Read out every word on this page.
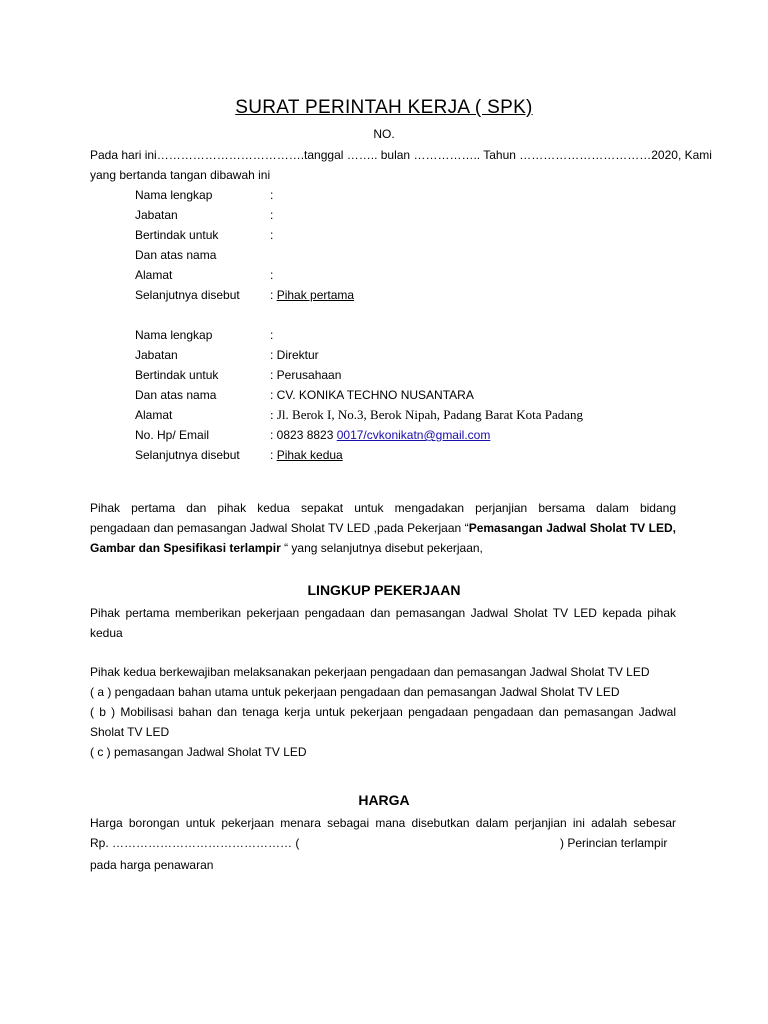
SURAT PERINTAH KERJA ( SPK)
NO.
Pada hari ini……………………………….tanggal …….. bulan …………….. Tahun ……………………………2020, Kami
yang bertanda tangan dibawah ini
Nama lengkap	:
Jabatan	:
Bertindak untuk	:
Dan atas nama
Alamat	:
Selanjutnya disebut	: Pihak pertama
Nama lengkap	:
Jabatan	: Direktur
Bertindak untuk	: Perusahaan
Dan atas nama	: CV. KONIKA TECHNO NUSANTARA
Alamat	: Jl. Berok I, No.3, Berok Nipah, Padang Barat Kota Padang
No. Hp/ Email	: 0823 8823 0017/cvkonikatn@gmail.com
Selanjutnya disebut	: Pihak kedua
Pihak pertama dan pihak kedua sepakat untuk mengadakan perjanjian bersama dalam bidang
pengadaan dan pemasangan Jadwal Sholat TV LED ,pada Pekerjaan “Pemasangan Jadwal Sholat TV LED,
Gambar dan Spesifikasi terlampir “ yang selanjutnya disebut pekerjaan,
LINGKUP PEKERJAAN
Pihak pertama memberikan pekerjaan pengadaan dan pemasangan Jadwal Sholat TV LED kepada pihak
kedua
Pihak kedua berkewajiban melaksanakan pekerjaan pengadaan dan pemasangan Jadwal Sholat TV LED
( a ) pengadaan bahan utama untuk pekerjaan pengadaan dan pemasangan Jadwal Sholat TV LED
( b ) Mobilisasi bahan dan tenaga kerja untuk pekerjaan pengadaan pengadaan dan pemasangan Jadwal
Sholat TV LED
( c ) pemasangan Jadwal Sholat TV LED
HARGA
Harga borongan untuk pekerjaan menara sebagai mana disebutkan dalam perjanjian ini adalah sebesar
Rp. ……………………………………… (	) Perincian terlampir
pada harga penawaran
